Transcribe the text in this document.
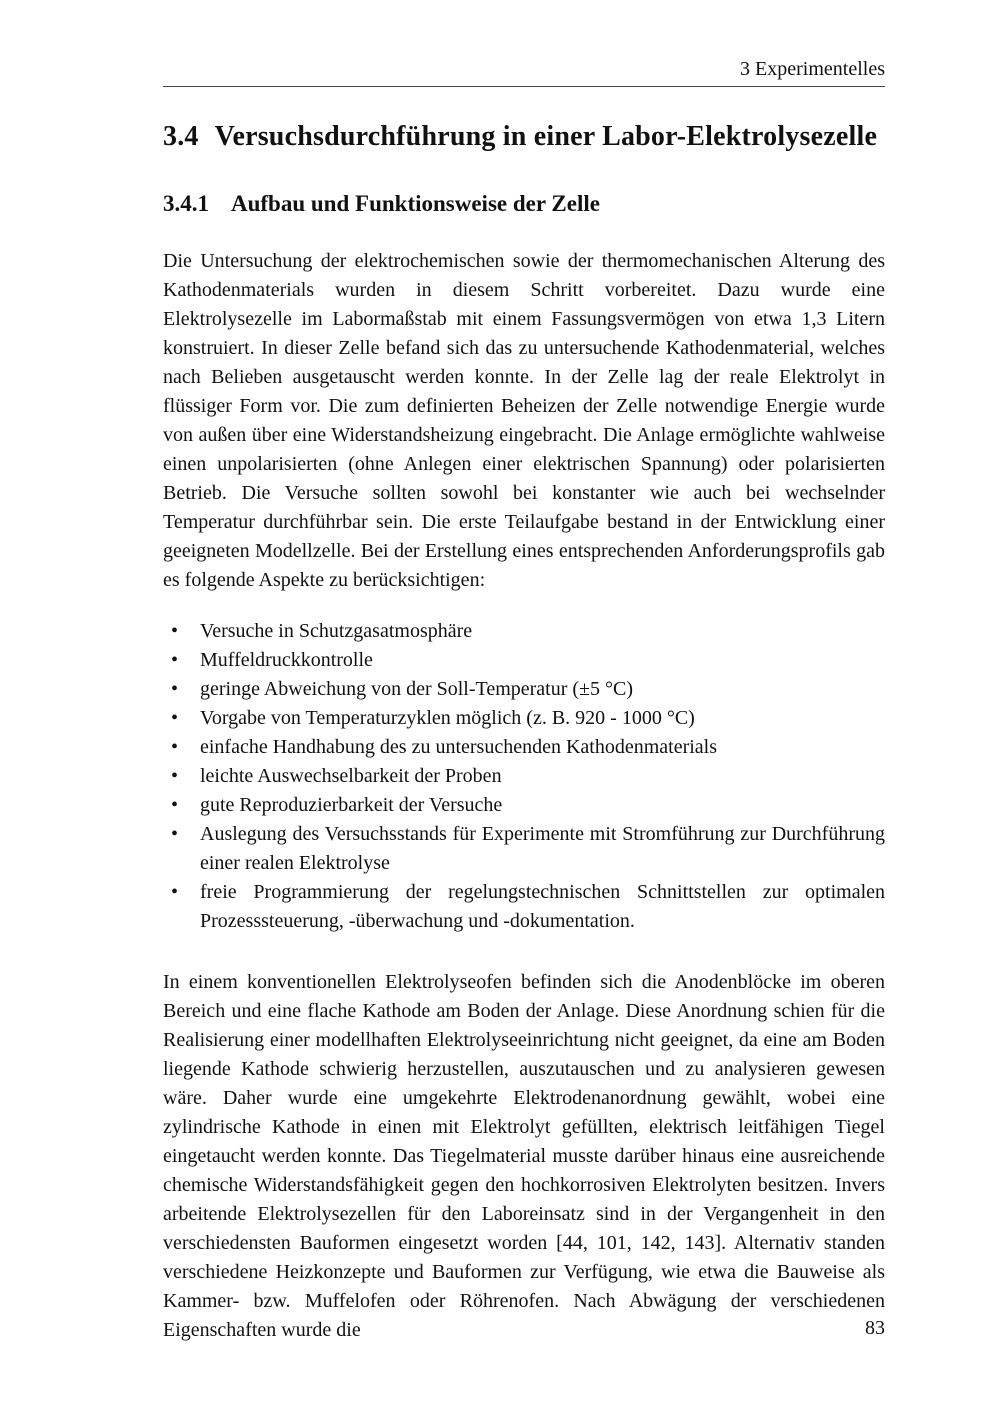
3 Experimentelles
3.4 Versuchsdurchführung in einer Labor-Elektrolysezelle
3.4.1 Aufbau und Funktionsweise der Zelle

Die Untersuchung der elektrochemischen sowie der thermomechanischen Alterung des Kathodenmaterials wurden in diesem Schritt vorbereitet. Dazu wurde eine Elektrolysezelle im Labormaßstab mit einem Fassungsvermögen von etwa 1,3 Litern konstruiert. In dieser Zelle befand sich das zu untersuchende Kathodenmaterial, welches nach Belieben ausgetauscht werden konnte. In der Zelle lag der reale Elektrolyt in flüssiger Form vor. Die zum definierten Beheizen der Zelle notwendige Energie wurde von außen über eine Widerstandsheizung eingebracht. Die Anlage ermöglichte wahlweise einen unpolarisierten (ohne Anlegen einer elektrischen Spannung) oder polarisierten Betrieb. Die Versuche sollten sowohl bei konstanter wie auch bei wechselnder Temperatur durchführbar sein. Die erste Teilaufgabe bestand in der Entwicklung einer geeigneten Modellzelle. Bei der Erstellung eines entsprechenden Anforderungsprofils gab es folgende Aspekte zu berücksichtigen:

• Versuche in Schutzgasatmosphäre
• Muffeldruckkontrolle
• geringe Abweichung von der Soll-Temperatur (±5 °C)
• Vorgabe von Temperaturzyklen möglich (z. B. 920 - 1000 °C)
• einfache Handhabung des zu untersuchenden Kathodenmaterials
• leichte Auswechselbarkeit der Proben
• gute Reproduzierbarkeit der Versuche
• Auslegung des Versuchsstands für Experimente mit Stromführung zur Durchführung einer realen Elektrolyse
• freie Programmierung der regelungstechnischen Schnittstellen zur optimalen Prozesssteuerung, -überwachung und -dokumentation.

In einem konventionellen Elektrolyseofen befinden sich die Anodenblöcke im oberen Bereich und eine flache Kathode am Boden der Anlage. Diese Anordnung schien für die Realisierung einer modellhaften Elektrolyseeinrichtung nicht geeignet, da eine am Boden liegende Kathode schwierig herzustellen, auszutauschen und zu analysieren gewesen wäre. Daher wurde eine umgekehrte Elektrodenanordnung gewählt, wobei eine zylindrische Kathode in einen mit Elektrolyt gefüllten, elektrisch leitfähigen Tiegel eingetaucht werden konnte. Das Tiegelmaterial musste darüber hinaus eine ausreichende chemische Widerstandsfähigkeit gegen den hochkorrosiven Elektrolyten besitzen. Invers arbeitende Elektrolysezellen für den Laboreinsatz sind in der Vergangenheit in den verschiedensten Bauformen eingesetzt worden [44, 101, 142, 143]. Alternativ standen verschiedene Heizkonzepte und Bauformen zur Verfügung, wie etwa die Bauweise als Kammer- bzw. Muffelofen oder Röhrenofen. Nach Abwägung der verschiedenen Eigenschaften wurde die	83
